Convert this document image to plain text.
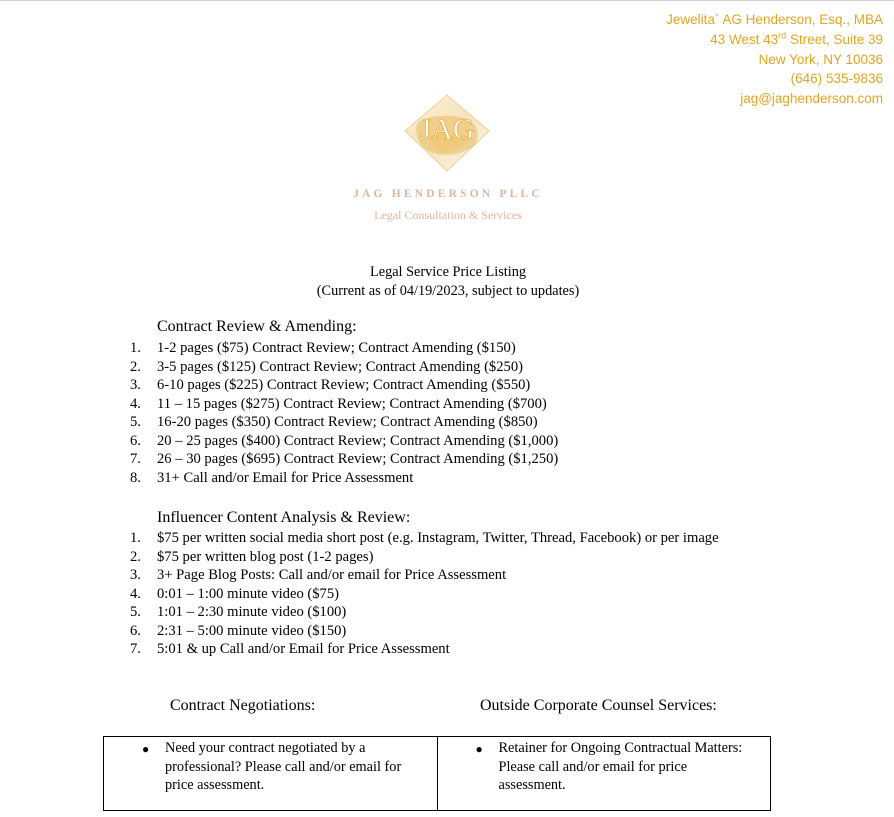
Jewelita` AG Henderson, Esq., MBA
43 West 43rd Street, Suite 39
New York, NY 10036
(646) 535-9836
jag@jaghenderson.com
JAG
JAG HENDERSON PLLC
Legal Consultation & Services
Legal Service Price Listing
(Current as of 04/19/2023, subject to updates)
Contract Review & Amending:
1. 1-2 pages ($75) Contract Review; Contract Amending ($150)
2. 3-5 pages ($125) Contract Review; Contract Amending ($250)
3. 6-10 pages ($225) Contract Review; Contract Amending ($550)
4. 11 – 15 pages ($275) Contract Review; Contract Amending ($700)
5. 16-20 pages ($350) Contract Review; Contract Amending ($850)
6. 20 – 25 pages ($400) Contract Review; Contract Amending ($1,000)
7. 26 – 30 pages ($695) Contract Review; Contract Amending ($1,250)
8. 31+ Call and/or Email for Price Assessment
Influencer Content Analysis & Review:
1. $75 per written social media short post (e.g. Instagram, Twitter, Thread, Facebook) or per image
2. $75 per written blog post (1-2 pages)
3. 3+ Page Blog Posts: Call and/or email for Price Assessment
4. 0:01 – 1:00 minute video ($75)
5. 1:01 – 2:30 minute video ($100)
6. 2:31 – 5:00 minute video ($150)
7. 5:01 & up Call and/or Email for Price Assessment
Contract Negotiations:	Outside Corporate Counsel Services:
● Need your contract negotiated by a professional? Please call and/or email for price assessment.
● Retainer for Ongoing Contractual Matters: Please call and/or email for price assessment.
